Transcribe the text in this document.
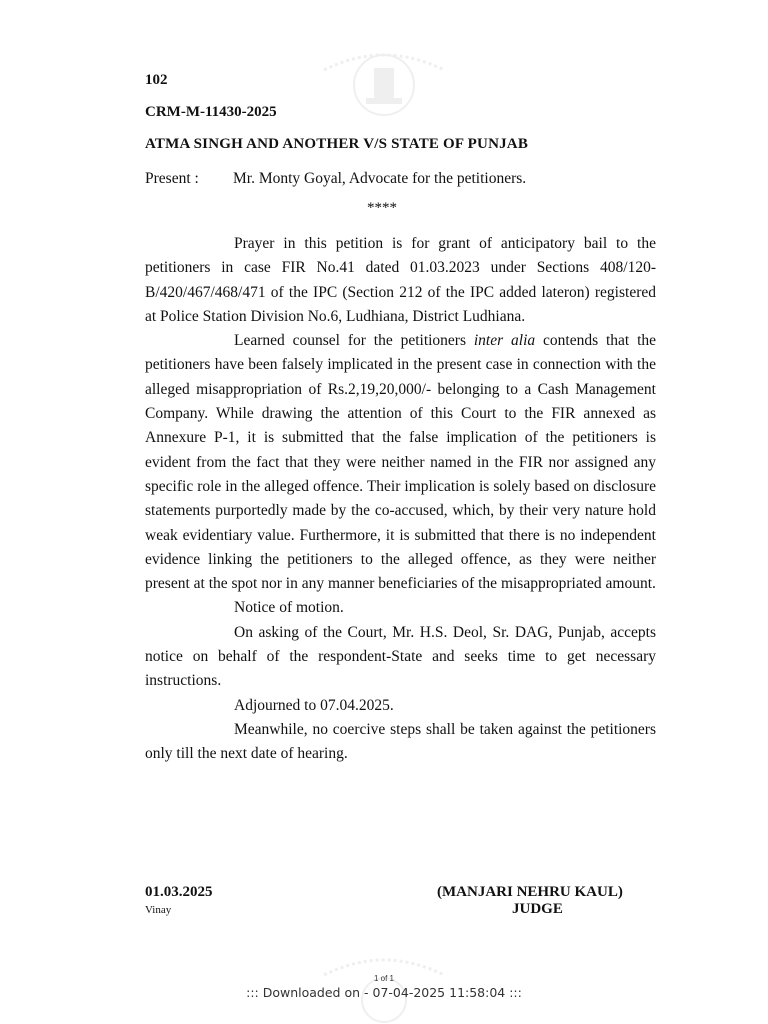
102
CRM-M-11430-2025
ATMA SINGH AND ANOTHER V/S STATE OF PUNJAB
Present : Mr. Monty Goyal, Advocate for the petitioners.
****

Prayer in this petition is for grant of anticipatory bail to the petitioners in case FIR No.41 dated 01.03.2023 under Sections 408/120-B/420/467/468/471 of the IPC (Section 212 of the IPC added lateron) registered at Police Station Division No.6, Ludhiana, District Ludhiana.

Learned counsel for the petitioners inter alia contends that the petitioners have been falsely implicated in the present case in connection with the alleged misappropriation of Rs.2,19,20,000/- belonging to a Cash Management Company. While drawing the attention of this Court to the FIR annexed as Annexure P-1, it is submitted that the false implication of the petitioners is evident from the fact that they were neither named in the FIR nor assigned any specific role in the alleged offence. Their implication is solely based on disclosure statements purportedly made by the co-accused, which, by their very nature hold weak evidentiary value. Furthermore, it is submitted that there is no independent evidence linking the petitioners to the alleged offence, as they were neither present at the spot nor in any manner beneficiaries of the misappropriated amount.

Notice of motion.

On asking of the Court, Mr. H.S. Deol, Sr. DAG, Punjab, accepts notice on behalf of the respondent-State and seeks time to get necessary instructions.

Adjourned to 07.04.2025.

Meanwhile, no coercive steps shall be taken against the petitioners only till the next date of hearing.

01.03.2025
Vinay
(MANJARI NEHRU KAUL)
JUDGE
1 of 1
::: Downloaded on - 07-04-2025 11:58:04 :::
